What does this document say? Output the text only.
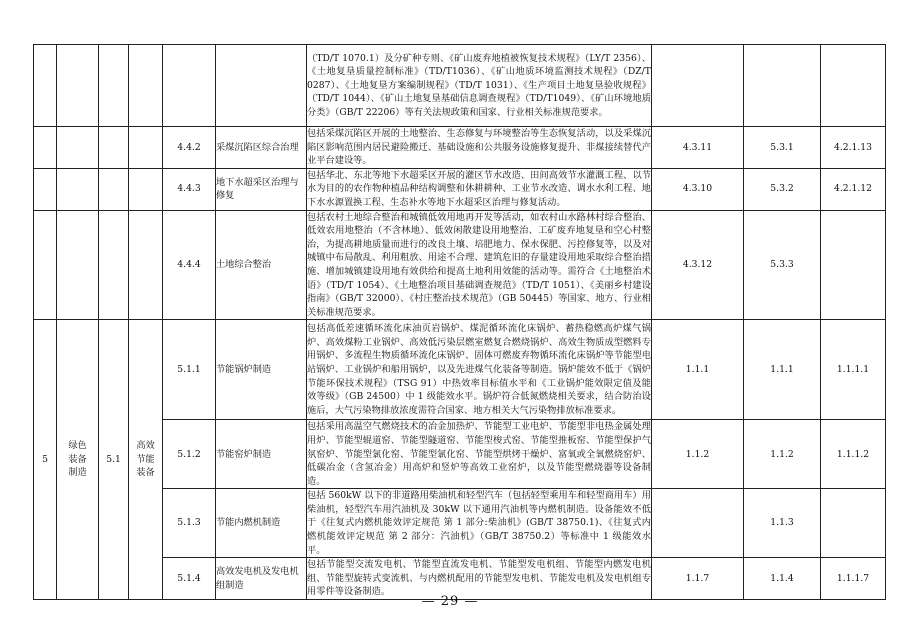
						（TD/T 1070.1）及分矿种专则、《矿山废弃地植被恢复技术规程》（LY/T 2356）、《土地复垦质量控制标准》（TD/T1036）、《矿山地质环境监测技术规程》（DZ/T 0287）、《土地复垦方案编制规程》（TD/T 1031）、《生产项目土地复垦验收规程》（TD/T 1044）、《矿山土地复垦基础信息调查规程》（TD/T1049）、《矿山环境地质分类》（GB/T 22206）等有关法规政策和国家、行业相关标准规范要求。			
				4.4.2	采煤沉陷区综合治理	包括采煤沉陷区开展的土地整治、生态修复与环境整治等生态恢复活动，以及采煤沉陷区影响范围内居民避险搬迁、基础设施和公共服务设施修复提升、非煤接续替代产业平台建设等。	4.3.11	5.3.1	4.2.1.13
				4.4.3	地下水超采区治理与修复	包括华北、东北等地下水超采区开展的灌区节水改造、田间高效节水灌溉工程、以节水为目的的农作物种植品种结构调整和休耕耕种、工业节水改造、调水水利工程、地下水水源置换工程、生态补水等地下水超采区治理与修复活动。	4.3.10	5.3.2	4.2.1.12
				4.4.4	土地综合整治	包括农村土地综合整治和城镇低效用地再开发等活动，如农村山水路林村综合整治、低效农用地整治（不含林地）、低效闲散建设用地整治、工矿废弃地复垦和空心村整治，为提高耕地质量而进行的改良土壤、培肥地力、保水保肥、污控修复等，以及对城镇中布局散乱、利用粗放、用途不合理、建筑危旧的存量建设用地采取综合整治措施、增加城镇建设用地有效供给和提高土地利用效能的活动等。需符合《土地整治术语》（TD/T 1054）、《土地整治项目基础调查规范》（TD/T 1051）、《美丽乡村建设指南》（GB/T 32000）、《村庄整治技术规范》（GB 50445）等国家、地方、行业相关标准规范要求。	4.3.12	5.3.3	
5	绿色装备制造	5.1	高效节能装备	5.1.1	节能锅炉制造	包括高低差速循环流化床油页岩锅炉、煤泥循环流化床锅炉、蓄热稳燃高炉煤气锅炉、高效煤粉工业锅炉、高效低污染层燃室燃复合燃烧锅炉、高效生物质成型燃料专用锅炉、多流程生物质循环流化床锅炉、固体可燃废弃物循环流化床锅炉等节能型电站锅炉、工业锅炉和船用锅炉，以及先进煤气化装备等制造。锅炉能效不低于《锅炉节能环保技术规程》（TSG 91）中热效率目标值水平和《工业锅炉能效限定值及能效等级》（GB 24500）中 1 级能效水平。锅炉符合低氮燃烧相关要求，结合防治设施后，大气污染物排放浓度需符合国家、地方相关大气污染物排放标准要求。	1.1.1	1.1.1	1.1.1.1
				5.1.2	节能窑炉制造	包括采用高温空气燃烧技术的冶金加热炉、节能型工业电炉、节能型非电热金属处理用炉、节能型辊道窑、节能型隧道窑、节能型梭式窑、节能型推板窑、节能型保护气氛窑炉、节能型氯化窑、节能型氯化窑、节能型烘烤干燥炉、富氧或全氧燃烧窑炉、低碳冶金（含氢冶金）用高炉和竖炉等高效工业窑炉，以及节能型燃烧器等设备制造。	1.1.2	1.1.2	1.1.1.2
				5.1.3	节能内燃机制造	包括 560kW 以下的非道路用柴油机和轻型汽车（包括轻型乘用车和轻型商用车）用柴油机，轻型汽车用汽油机及 30kW 以下通用汽油机等内燃机制造。设备能效不低于《往复式内燃机能效评定规范 第 1 部分:柴油机》(GB/T 38750.1)、《往复式内燃机能效评定规范 第 2 部分：汽油机》（GB/T 38750.2）等标准中 1 级能效水平。		1.1.3	
				5.1.4	高效发电机及发电机组制造	包括节能型交流发电机、节能型直流发电机、节能型发电机组、节能型内燃发电机组、节能型旋转式变流机、与内燃机配用的节能型发电机、节能发电机及发电机组专用零件等设备制造。	1.1.7	1.1.4	1.1.1.7
— 29 —
